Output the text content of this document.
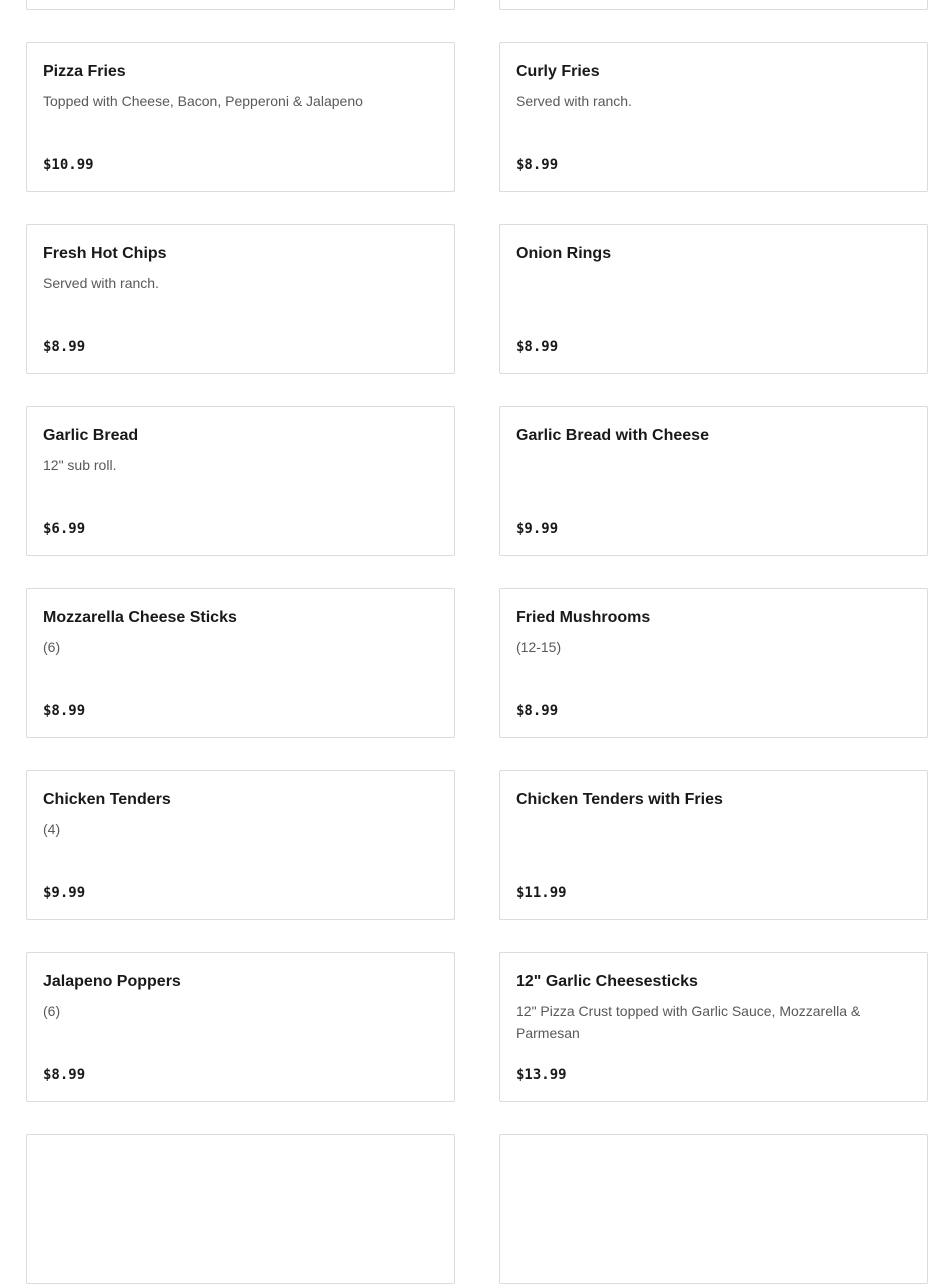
Pizza Fries
Topped with Cheese, Bacon, Pepperoni & Jalapeno
$10.99
Curly Fries
Served with ranch.
$8.99
Fresh Hot Chips
Served with ranch.
$8.99
Onion Rings
$8.99
Garlic Bread
12" sub roll.
$6.99
Garlic Bread with Cheese
$9.99
Mozzarella Cheese Sticks
(6)
$8.99
Fried Mushrooms
(12-15)
$8.99
Chicken Tenders
(4)
$9.99
Chicken Tenders with Fries
$11.99
Jalapeno Poppers
(6)
$8.99
12" Garlic Cheesesticks
12" Pizza Crust topped with Garlic Sauce, Mozzarella & Parmesan
$13.99
